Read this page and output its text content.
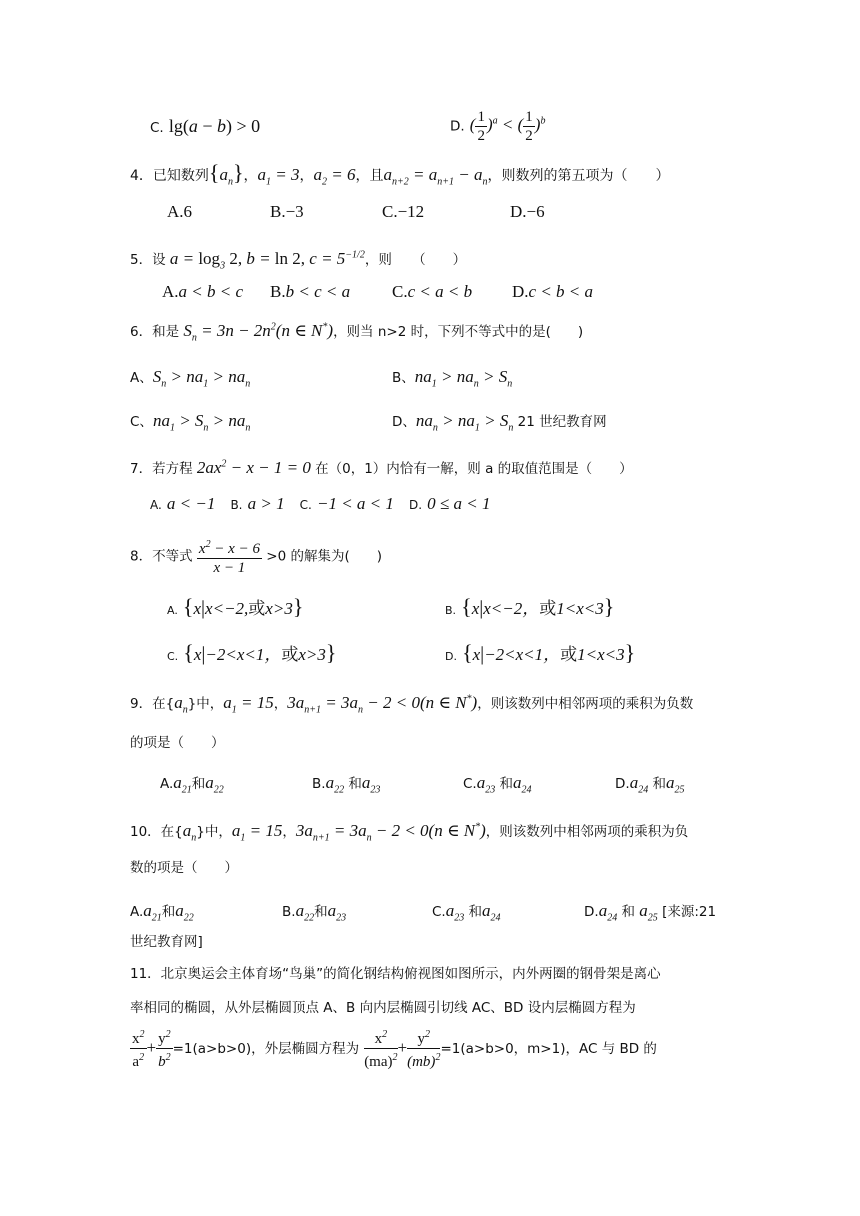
C. lg(a − b) > 0	D. ( $\frac{1}{2} )^a$ < ( $\frac{1}{2} )^b$
4．已知数列$\{a_n\}$，$a_1 = 3$，$a_2 = 6$，且$a_{n+2} = a_{n+1} - a_n$，则数列的第五项为（　　）
A.6	B.−3	C.−12	D.−6
5．设 $a = \log_3 2$, b = ln 2, $c = 5^{-1/2}$，则　　（　　）
A.a < b < c B.b < c < a C.c < a < b D.c < b < a
6．和是 $S_n = 3n - 2n^2(n$ ∈ N*)，则当 n>2 时，下列不等式中的是(　　)
A、$S_n > na_1 > na_n$	B、$na_1 > na_n > S_n$
C、$na_1 > S_n > na_n$	D、$na_n > na_1 > S_n$ 21 世纪教育网
7．若方程 $2ax^2 - x - 1 = 0$ 在（0，1）内恰有一解，则 a 的取值范围是（　　）
A. a < −1 B. a > 1 C. −1 < a < 1 D. 0 ≤ a < 1
8．不等式 $\frac{x^2 - x - 6}{x - 1} >0$ 的解集为(　　)
A. {x|x<−2,或x>3}	B. {x|x<−2，或1<x<3}
C. {x|−2<x<1，或x>3}	D. {x|−2<x<1，或1<x<3}
9．在$\{a_n\}$中，$a_1 = 15$，$3a_{n+1} = 3a_n - 2 < 0(n$ ∈ N*)，则该数列中相邻两项的乘积为负数
的项是（　　）
$A.a_{21}$和$a_{22}$	$B.a_{22}$ 和$a_{23}$	$C.a_{23}$ 和$a_{24}$	$D.a_{24}$ 和$a_{25}$
10．在$\{a_n\}$中，$a_1 = 15$，$3a_{n+1} = 3a_n - 2 < 0(n$ ∈ N*)，则该数列中相邻两项的乘积为负
数的项是（　　）
$A.a_{21}$和$a_{22}$	$B.a_{22}$和$a_{23}$	$C.a_{23}$ 和$a_{24}$	$D.a_{24}$ 和 $a_{25}$ [来源:21
世纪教育网]
11．北京奥运会主体育场“鸟巢”的简化钢结构俯视图如图所示，内外两圈的钢骨架是离心
率相同的椭圆，从外层椭圆顶点 A、B 向内层椭圆引切线 AC、BD 设内层椭圆方程为
$\frac{x^2}{a^2} + \frac{y^2}{b^2} =1(a>b>0)$，外层椭圆方程为 $\frac{x^2}{(ma)^2} + \frac{y^2}{(mb)^2} =1(a>b>0$，m>1)，AC 与 BD 的
